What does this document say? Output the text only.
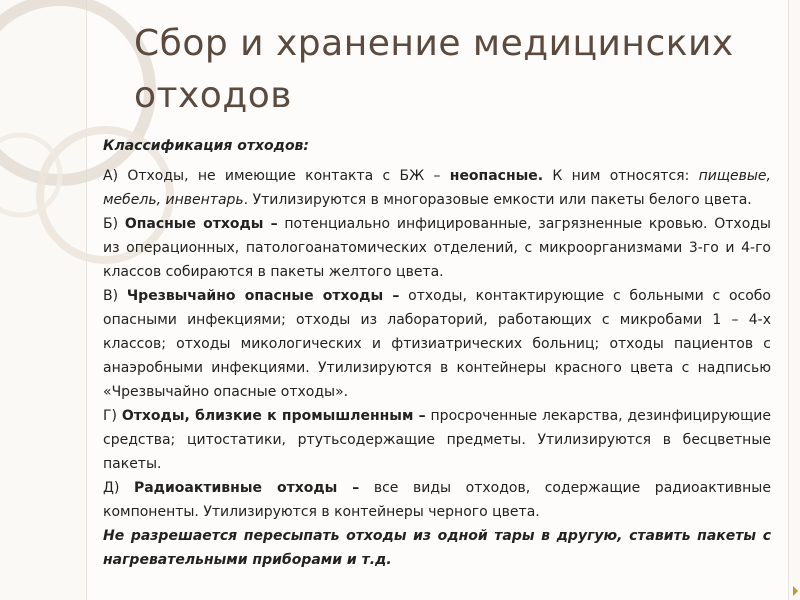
Сбор и хранение медицинских
отходов

Классификация отходов:

А) Отходы, не имеющие контакта с БЖ – неопасные. К ним относятся: пищевые, мебель, инвентарь. Утилизируются в многоразовые емкости или пакеты белого цвета.

Б) Опасные отходы – потенциально инфицированные, загрязненные кровью. Отходы из операционных, патологоанатомических отделений, с микроорганизмами 3-го и 4-го классов собираются в пакеты желтого цвета.

В) Чрезвычайно опасные отходы – отходы, контактирующие с больными с особо опасными инфекциями; отходы из лабораторий, работающих с микробами 1 – 4-х классов; отходы микологических и фтизиатрических больниц; отходы пациентов с анаэробными инфекциями. Утилизируются в контейнеры красного цвета с надписью «Чрезвычайно опасные отходы».

Г) Отходы, близкие к промышленным – просроченные лекарства, дезинфицирующие средства; цитостатики, ртутьсодержащие предметы. Утилизируются в бесцветные пакеты.

Д) Радиоактивные отходы – все виды отходов, содержащие радиоактивные компоненты. Утилизируются в контейнеры черного цвета.

Не разрешается пересыпать отходы из одной тары в другую, ставить пакеты с нагревательными приборами и т.д.
